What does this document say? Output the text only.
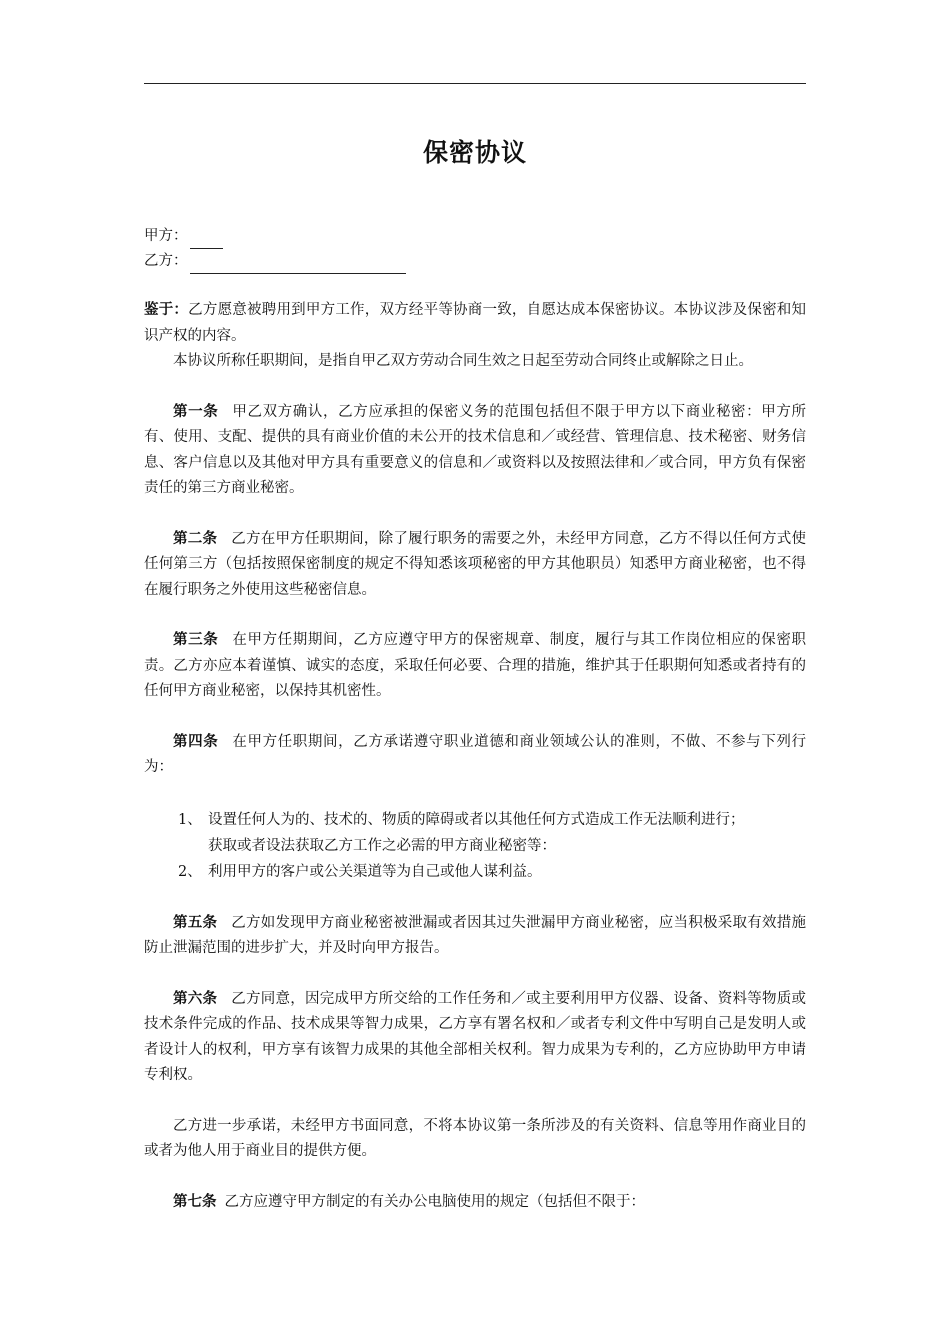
保密协议
甲方：
乙方：
鉴于：乙方愿意被聘用到甲方工作，双方经平等协商一致，自愿达成本保密协议。本协议涉及保密和知识产权的内容。
本协议所称任职期间，是指自甲乙双方劳动合同生效之日起至劳动合同终止或解除之日止。
第一条 甲乙双方确认，乙方应承担的保密义务的范围包括但不限于甲方以下商业秘密：甲方所有、使用、支配、提供的具有商业价值的未公开的技术信息和／或经营、管理信息、技术秘密、财务信息、客户信息以及其他对甲方具有重要意义的信息和／或资料以及按照法律和／或合同，甲方负有保密责任的第三方商业秘密。
第二条 乙方在甲方任职期间，除了履行职务的需要之外，未经甲方同意，乙方不得以任何方式使任何第三方（包括按照保密制度的规定不得知悉该项秘密的甲方其他职员）知悉甲方商业秘密，也不得在履行职务之外使用这些秘密信息。
第三条 在甲方任期期间，乙方应遵守甲方的保密规章、制度，履行与其工作岗位相应的保密职责。乙方亦应本着谨慎、诚实的态度，采取任何必要、合理的措施，维护其于任职期何知悉或者持有的任何甲方商业秘密，以保持其机密性。
第四条 在甲方任职期间，乙方承诺遵守职业道德和商业领域公认的准则，不做、不参与下列行为：
1、 设置任何人为的、技术的、物质的障碍或者以其他任何方式造成工作无法顺利进行；
获取或者设法获取乙方工作之必需的甲方商业秘密等：
2、 利用甲方的客户或公关渠道等为自己或他人谋利益。
第五条 乙方如发现甲方商业秘密被泄漏或者因其过失泄漏甲方商业秘密，应当积极采取有效措施防止泄漏范围的进步扩大，并及时向甲方报告。
第六条 乙方同意，因完成甲方所交给的工作任务和／或主要利用甲方仪器、设备、资料等物质或技术条件完成的作品、技术成果等智力成果，乙方享有署名权和／或者专利文件中写明自己是发明人或者设计人的权利，甲方享有该智力成果的其他全部相关权利。智力成果为专利的，乙方应协助甲方申请专利权。
乙方进一步承诺，未经甲方书面同意，不将本协议第一条所涉及的有关资料、信息等用作商业目的或者为他人用于商业目的提供方便。
第七条 乙方应遵守甲方制定的有关办公电脑使用的规定（包括但不限于：
